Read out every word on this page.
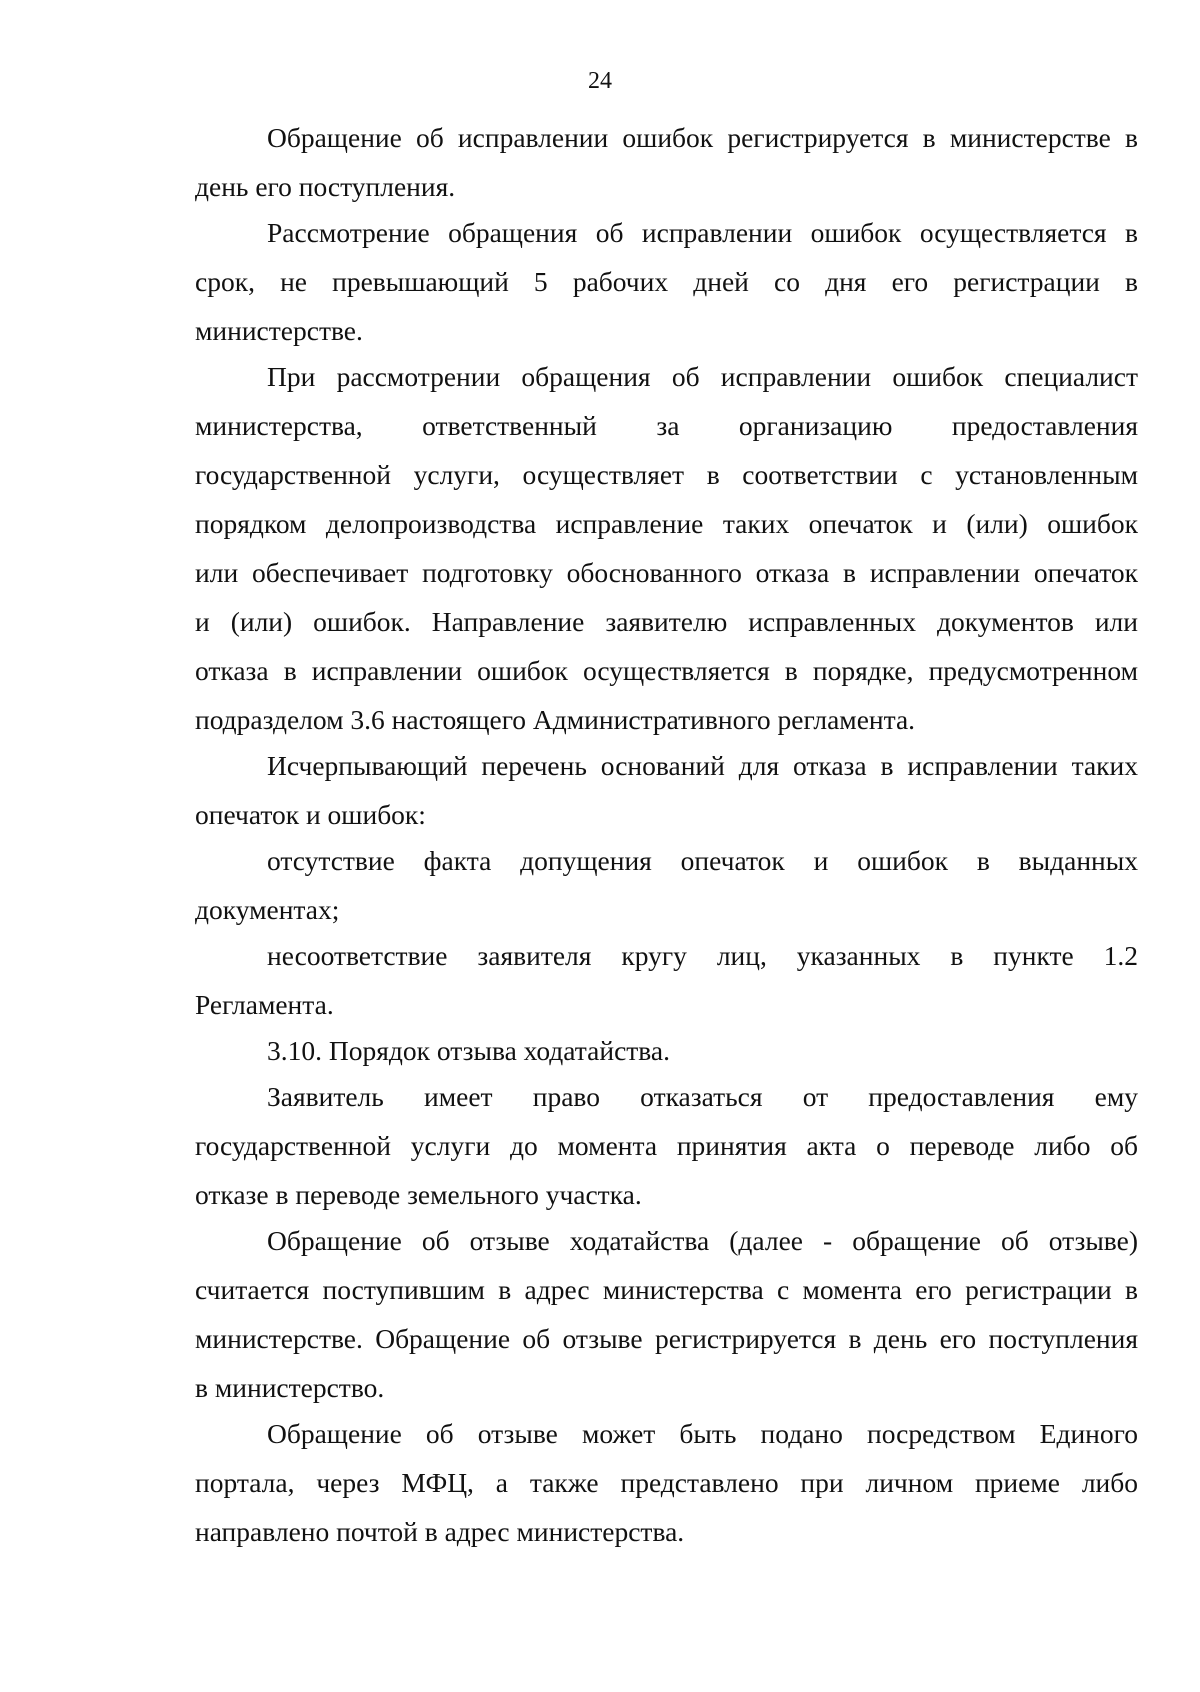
24
Обращение об исправлении ошибок регистрируется в министерстве в
день его поступления.
Рассмотрение обращения об исправлении ошибок осуществляется в
срок, не превышающий 5 рабочих дней со дня его регистрации в
министерстве.
При рассмотрении обращения об исправлении ошибок специалист
министерства, ответственный за организацию предоставления
государственной услуги, осуществляет в соответствии с установленным
порядком делопроизводства исправление таких опечаток и (или) ошибок
или обеспечивает подготовку обоснованного отказа в исправлении опечаток
и (или) ошибок. Направление заявителю исправленных документов или
отказа в исправлении ошибок осуществляется в порядке, предусмотренном
подразделом 3.6 настоящего Административного регламента.
Исчерпывающий перечень оснований для отказа в исправлении таких
опечаток и ошибок:
отсутствие факта допущения опечаток и ошибок в выданных
документах;
несоответствие заявителя кругу лиц, указанных в пункте 1.2
Регламента.
3.10. Порядок отзыва ходатайства.
Заявитель имеет право отказаться от предоставления ему
государственной услуги до момента принятия акта о переводе либо об
отказе в переводе земельного участка.
Обращение об отзыве ходатайства (далее - обращение об отзыве)
считается поступившим в адрес министерства с момента его регистрации в
министерстве. Обращение об отзыве регистрируется в день его поступления
в министерство.
Обращение об отзыве может быть подано посредством Единого
портала, через МФЦ, а также представлено при личном приеме либо
направлено почтой в адрес министерства.
